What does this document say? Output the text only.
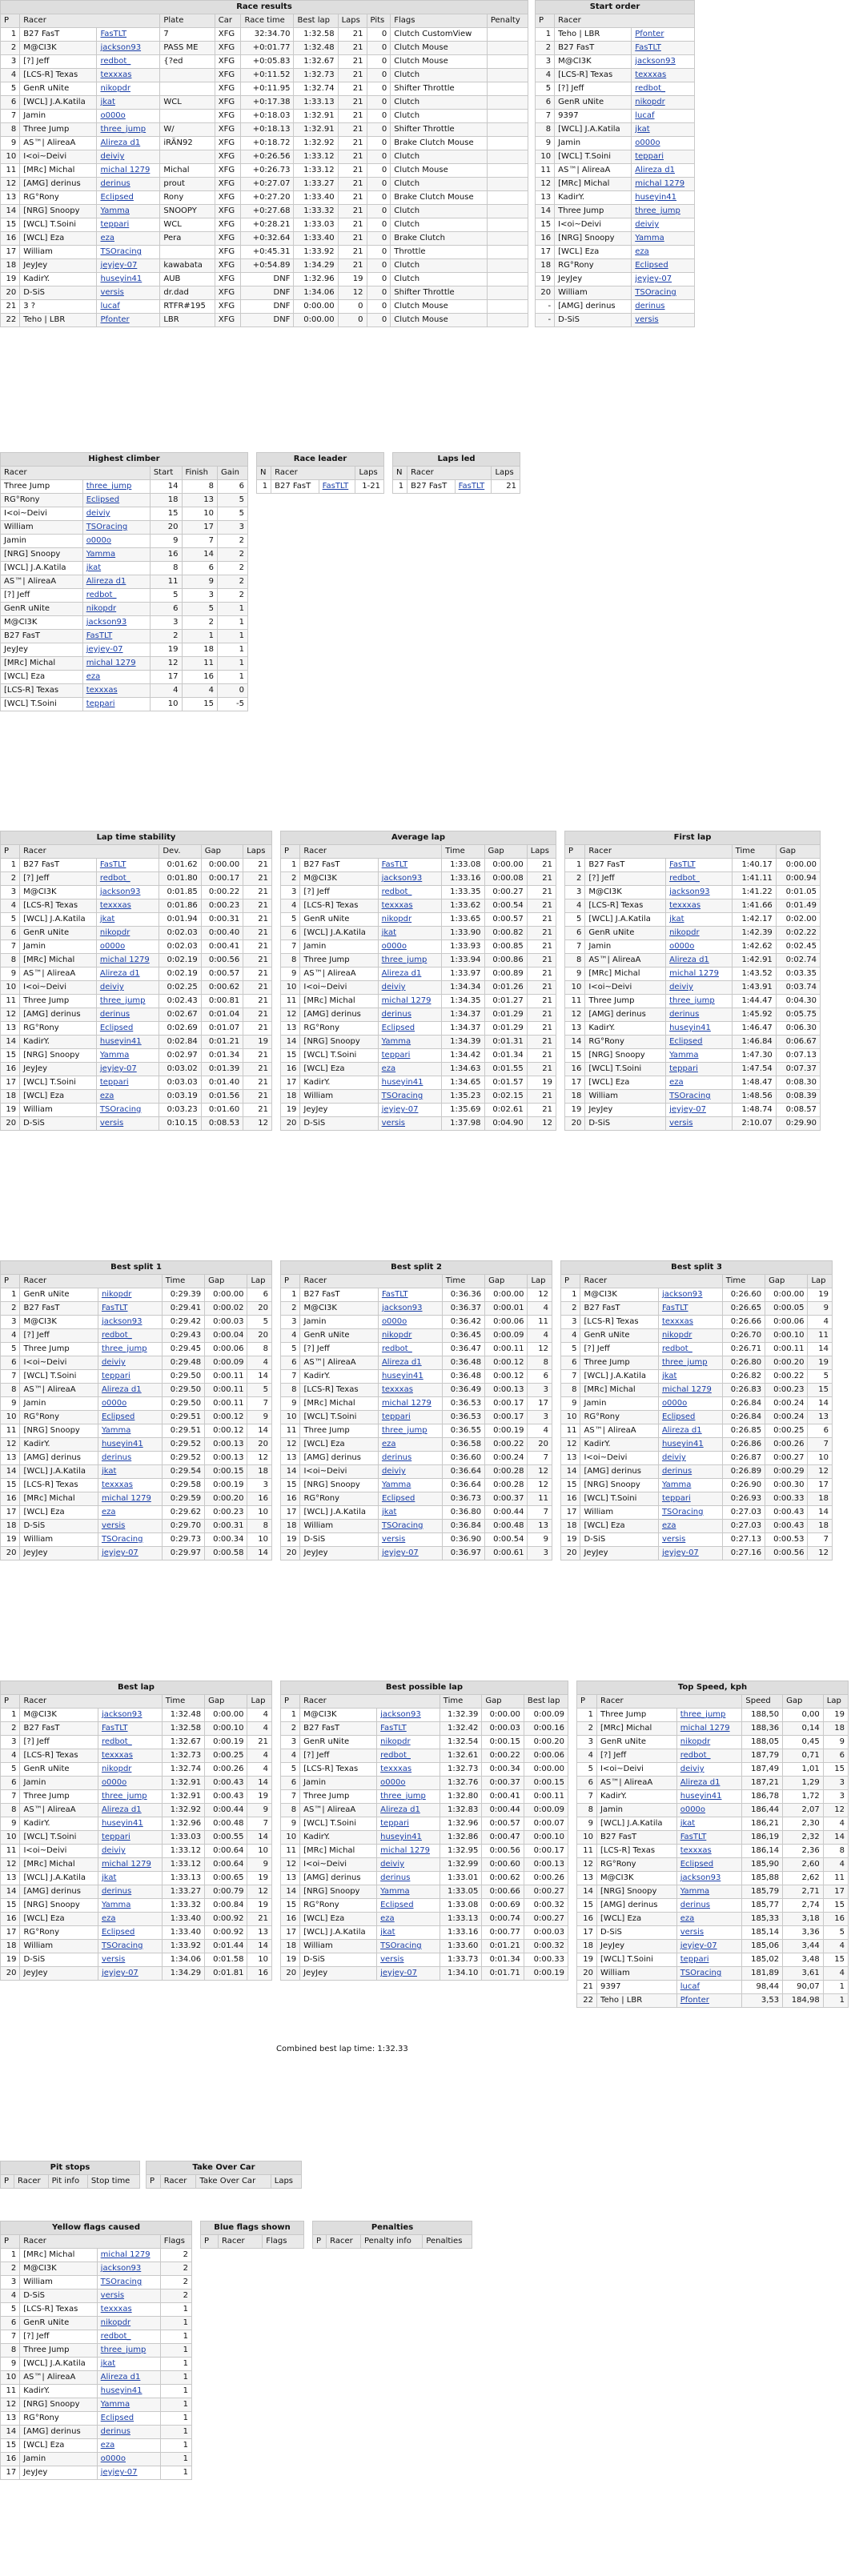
Race results										
P	Racer		Plate	Car	Race time	Best lap	Laps	Pits	Flags	Penalty
1	B27 FasT	FasTLT	7	XFG	32:34.70	1:32.58	21	0	Clutch CustomView	
2	M@CI3K	jackson93	PASS ME	XFG	+0:01.77	1:32.48	21	0	Clutch Mouse	
3	[?] Jeff	redbot_	{?ed	XFG	+0:05.83	1:32.67	21	0	Clutch Mouse	
4	[LCS-R] Texas	texxxas		XFG	+0:11.52	1:32.73	21	0	Clutch	
5	GenR uNite	nikopdr		XFG	+0:11.95	1:32.74	21	0	Shifter Throttle	
6	[WCL] J.A.Katila	jkat	WCL	XFG	+0:17.38	1:33.13	21	0	Clutch	
7	Jamin	o000o		XFG	+0:18.03	1:32.91	21	0	Clutch	
8	Three Jump	three_jump	W/	XFG	+0:18.13	1:32.91	21	0	Shifter Throttle	
9	AS™| AlireaA	Alireza d1	iRÄN92	XFG	+0:18.72	1:32.92	21	0	Brake Clutch Mouse	
10	I<oi~Deivi	deiviy		XFG	+0:26.56	1:33.12	21	0	Clutch	
11	[MRc] Michal	michal 1279	Michal	XFG	+0:26.73	1:33.12	21	0	Clutch Mouse	
12	[AMG] derinus	derinus	prout	XFG	+0:27.07	1:33.27	21	0	Clutch	
13	RG°Rony	Eclipsed	Rony	XFG	+0:27.20	1:33.40	21	0	Brake Clutch Mouse	
14	[NRG] Snoopy	Yamma	SNOOPY	XFG	+0:27.68	1:33.32	21	0	Clutch	
15	[WCL] T.Soini	teppari	WCL	XFG	+0:28.21	1:33.03	21	0	Clutch	
16	[WCL] Eza	eza	Pera	XFG	+0:32.64	1:33.40	21	0	Brake Clutch	
17	William	TSOracing		XFG	+0:45.31	1:33.92	21	0	Throttle	
18	JeyJey	jeyjey-07	kawabata	XFG	+0:54.89	1:34.29	21	0	Clutch	
19	KadirY.	huseyin41	AUB	XFG	DNF	1:32.96	19	0	Clutch	
20	D-SiS	versis	dr.dad	XFG	DNF	1:34.06	12	0	Shifter Throttle	
21	3 ?	lucaf	RTFR#195	XFG	DNF	0:00.00	0	0	Clutch Mouse	
22	Teho | LBR	Pfonter	LBR	XFG	DNF	0:00.00	0	0	Clutch Mouse	
Start order		
P	Racer	
1	Teho | LBR	Pfonter
2	B27 FasT	FasTLT
3	M@CI3K	jackson93
4	[LCS-R] Texas	texxxas
5	[?] Jeff	redbot_
6	GenR uNite	nikopdr
7	9397	lucaf
8	[WCL] J.A.Katila	jkat
9	Jamin	o000o
10	[WCL] T.Soini	teppari
11	AS™| AlireaA	Alireza d1
12	[MRc] Michal	michal 1279
13	KadirY.	huseyin41
14	Three Jump	three_jump
15	I<oi~Deivi	deiviy
16	[NRG] Snoopy	Yamma
17	[WCL] Eza	eza
18	RG°Rony	Eclipsed
19	JeyJey	jeyjey-07
20	William	TSOracing
-	[AMG] derinus	derinus
-	D-SiS	versis
Highest climber				
Racer		Start	Finish	Gain
Three Jump	three_jump	14	8	6
RG°Rony	Eclipsed	18	13	5
I<oi~Deivi	deiviy	15	10	5
William	TSOracing	20	17	3
Jamin	o000o	9	7	2
[NRG] Snoopy	Yamma	16	14	2
[WCL] J.A.Katila	jkat	8	6	2
AS™| AlireaA	Alireza d1	11	9	2
[?] Jeff	redbot_	5	3	2
GenR uNite	nikopdr	6	5	1
M@CI3K	jackson93	3	2	1
B27 FasT	FasTLT	2	1	1
JeyJey	jeyjey-07	19	18	1
[MRc] Michal	michal 1279	12	11	1
[WCL] Eza	eza	17	16	1
[LCS-R] Texas	texxxas	4	4	0
[WCL] T.Soini	teppari	10	15	-5
Race leader			
N	Racer		Laps
1	B27 FasT	FasTLT	1-21
Laps led			
N	Racer		Laps
1	B27 FasT	FasTLT	21
Lap time stability					
P	Racer		Dev.	Gap	Laps
1	B27 FasT	FasTLT	0:01.62	0:00.00	21
2	[?] Jeff	redbot_	0:01.80	0:00.17	21
3	M@CI3K	jackson93	0:01.85	0:00.22	21
4	[LCS-R] Texas	texxxas	0:01.86	0:00.23	21
5	[WCL] J.A.Katila	jkat	0:01.94	0:00.31	21
6	GenR uNite	nikopdr	0:02.03	0:00.40	21
7	Jamin	o000o	0:02.03	0:00.41	21
8	[MRc] Michal	michal 1279	0:02.19	0:00.56	21
9	AS™| AlireaA	Alireza d1	0:02.19	0:00.57	21
10	I<oi~Deivi	deiviy	0:02.25	0:00.62	21
11	Three Jump	three_jump	0:02.43	0:00.81	21
12	[AMG] derinus	derinus	0:02.67	0:01.04	21
13	RG°Rony	Eclipsed	0:02.69	0:01.07	21
14	KadirY.	huseyin41	0:02.84	0:01.21	19
15	[NRG] Snoopy	Yamma	0:02.97	0:01.34	21
16	JeyJey	jeyjey-07	0:03.02	0:01.39	21
17	[WCL] T.Soini	teppari	0:03.03	0:01.40	21
18	[WCL] Eza	eza	0:03.19	0:01.56	21
19	William	TSOracing	0:03.23	0:01.60	21
20	D-SiS	versis	0:10.15	0:08.53	12
Average lap					
P	Racer		Time	Gap	Laps
1	B27 FasT	FasTLT	1:33.08	0:00.00	21
2	M@CI3K	jackson93	1:33.16	0:00.08	21
3	[?] Jeff	redbot_	1:33.35	0:00.27	21
4	[LCS-R] Texas	texxxas	1:33.62	0:00.54	21
5	GenR uNite	nikopdr	1:33.65	0:00.57	21
6	[WCL] J.A.Katila	jkat	1:33.90	0:00.82	21
7	Jamin	o000o	1:33.93	0:00.85	21
8	Three Jump	three_jump	1:33.94	0:00.86	21
9	AS™| AlireaA	Alireza d1	1:33.97	0:00.89	21
10	I<oi~Deivi	deiviy	1:34.34	0:01.26	21
11	[MRc] Michal	michal 1279	1:34.35	0:01.27	21
12	[AMG] derinus	derinus	1:34.37	0:01.29	21
13	RG°Rony	Eclipsed	1:34.37	0:01.29	21
14	[NRG] Snoopy	Yamma	1:34.39	0:01.31	21
15	[WCL] T.Soini	teppari	1:34.42	0:01.34	21
16	[WCL] Eza	eza	1:34.63	0:01.55	21
17	KadirY.	huseyin41	1:34.65	0:01.57	19
18	William	TSOracing	1:35.23	0:02.15	21
19	JeyJey	jeyjey-07	1:35.69	0:02.61	21
20	D-SiS	versis	1:37.98	0:04.90	12
First lap				
P	Racer		Time	Gap
1	B27 FasT	FasTLT	1:40.17	0:00.00
2	[?] Jeff	redbot_	1:41.11	0:00.94
3	M@CI3K	jackson93	1:41.22	0:01.05
4	[LCS-R] Texas	texxxas	1:41.66	0:01.49
5	[WCL] J.A.Katila	jkat	1:42.17	0:02.00
6	GenR uNite	nikopdr	1:42.39	0:02.22
7	Jamin	o000o	1:42.62	0:02.45
8	AS™| AlireaA	Alireza d1	1:42.91	0:02.74
9	[MRc] Michal	michal 1279	1:43.52	0:03.35
10	I<oi~Deivi	deiviy	1:43.91	0:03.74
11	Three Jump	three_jump	1:44.47	0:04.30
12	[AMG] derinus	derinus	1:45.92	0:05.75
13	KadirY.	huseyin41	1:46.47	0:06.30
14	RG°Rony	Eclipsed	1:46.84	0:06.67
15	[NRG] Snoopy	Yamma	1:47.30	0:07.13
16	[WCL] T.Soini	teppari	1:47.54	0:07.37
17	[WCL] Eza	eza	1:48.47	0:08.30
18	William	TSOracing	1:48.56	0:08.39
19	JeyJey	jeyjey-07	1:48.74	0:08.57
20	D-SiS	versis	2:10.07	0:29.90
Best split 1					
P	Racer		Time	Gap	Lap
1	GenR uNite	nikopdr	0:29.39	0:00.00	6
2	B27 FasT	FasTLT	0:29.41	0:00.02	20
3	M@CI3K	jackson93	0:29.42	0:00.03	5
4	[?] Jeff	redbot_	0:29.43	0:00.04	20
5	Three Jump	three_jump	0:29.45	0:00.06	8
6	I<oi~Deivi	deiviy	0:29.48	0:00.09	4
7	[WCL] T.Soini	teppari	0:29.50	0:00.11	14
8	AS™| AlireaA	Alireza d1	0:29.50	0:00.11	5
9	Jamin	o000o	0:29.50	0:00.11	7
10	RG°Rony	Eclipsed	0:29.51	0:00.12	9
11	[NRG] Snoopy	Yamma	0:29.51	0:00.12	14
12	KadirY.	huseyin41	0:29.52	0:00.13	20
13	[AMG] derinus	derinus	0:29.52	0:00.13	12
14	[WCL] J.A.Katila	jkat	0:29.54	0:00.15	18
15	[LCS-R] Texas	texxxas	0:29.58	0:00.19	3
16	[MRc] Michal	michal 1279	0:29.59	0:00.20	16
17	[WCL] Eza	eza	0:29.62	0:00.23	10
18	D-SiS	versis	0:29.70	0:00.31	8
19	William	TSOracing	0:29.73	0:00.34	10
20	JeyJey	jeyjey-07	0:29.97	0:00.58	14
Best split 2					
P	Racer		Time	Gap	Lap
1	B27 FasT	FasTLT	0:36.36	0:00.00	12
2	M@CI3K	jackson93	0:36.37	0:00.01	4
3	Jamin	o000o	0:36.42	0:00.06	11
4	GenR uNite	nikopdr	0:36.45	0:00.09	4
5	[?] Jeff	redbot_	0:36.47	0:00.11	12
6	AS™| AlireaA	Alireza d1	0:36.48	0:00.12	8
7	KadirY.	huseyin41	0:36.48	0:00.12	6
8	[LCS-R] Texas	texxxas	0:36.49	0:00.13	3
9	[MRc] Michal	michal 1279	0:36.53	0:00.17	17
10	[WCL] T.Soini	teppari	0:36.53	0:00.17	3
11	Three Jump	three_jump	0:36.55	0:00.19	4
12	[WCL] Eza	eza	0:36.58	0:00.22	20
13	[AMG] derinus	derinus	0:36.60	0:00.24	7
14	I<oi~Deivi	deiviy	0:36.64	0:00.28	12
15	[NRG] Snoopy	Yamma	0:36.64	0:00.28	12
16	RG°Rony	Eclipsed	0:36.73	0:00.37	11
17	[WCL] J.A.Katila	jkat	0:36.80	0:00.44	7
18	William	TSOracing	0:36.84	0:00.48	13
19	D-SiS	versis	0:36.90	0:00.54	9
20	JeyJey	jeyjey-07	0:36.97	0:00.61	3
Best split 3					
P	Racer		Time	Gap	Lap
1	M@CI3K	jackson93	0:26.60	0:00.00	19
2	B27 FasT	FasTLT	0:26.65	0:00.05	9
3	[LCS-R] Texas	texxxas	0:26.66	0:00.06	4
4	GenR uNite	nikopdr	0:26.70	0:00.10	11
5	[?] Jeff	redbot_	0:26.71	0:00.11	14
6	Three Jump	three_jump	0:26.80	0:00.20	19
7	[WCL] J.A.Katila	jkat	0:26.82	0:00.22	5
8	[MRc] Michal	michal 1279	0:26.83	0:00.23	15
9	Jamin	o000o	0:26.84	0:00.24	14
10	RG°Rony	Eclipsed	0:26.84	0:00.24	13
11	AS™| AlireaA	Alireza d1	0:26.85	0:00.25	6
12	KadirY.	huseyin41	0:26.86	0:00.26	7
13	I<oi~Deivi	deiviy	0:26.87	0:00.27	10
14	[AMG] derinus	derinus	0:26.89	0:00.29	12
15	[NRG] Snoopy	Yamma	0:26.90	0:00.30	17
16	[WCL] T.Soini	teppari	0:26.93	0:00.33	18
17	William	TSOracing	0:27.03	0:00.43	14
18	[WCL] Eza	eza	0:27.03	0:00.43	18
19	D-SiS	versis	0:27.13	0:00.53	7
20	JeyJey	jeyjey-07	0:27.16	0:00.56	12
Best lap					
P	Racer		Time	Gap	Lap
1	M@CI3K	jackson93	1:32.48	0:00.00	4
2	B27 FasT	FasTLT	1:32.58	0:00.10	4
3	[?] Jeff	redbot_	1:32.67	0:00.19	21
4	[LCS-R] Texas	texxxas	1:32.73	0:00.25	4
5	GenR uNite	nikopdr	1:32.74	0:00.26	4
6	Jamin	o000o	1:32.91	0:00.43	14
7	Three Jump	three_jump	1:32.91	0:00.43	19
8	AS™| AlireaA	Alireza d1	1:32.92	0:00.44	9
9	KadirY.	huseyin41	1:32.96	0:00.48	7
10	[WCL] T.Soini	teppari	1:33.03	0:00.55	14
11	I<oi~Deivi	deiviy	1:33.12	0:00.64	10
12	[MRc] Michal	michal 1279	1:33.12	0:00.64	9
13	[WCL] J.A.Katila	jkat	1:33.13	0:00.65	19
14	[AMG] derinus	derinus	1:33.27	0:00.79	12
15	[NRG] Snoopy	Yamma	1:33.32	0:00.84	19
16	[WCL] Eza	eza	1:33.40	0:00.92	21
17	RG°Rony	Eclipsed	1:33.40	0:00.92	13
18	William	TSOracing	1:33.92	0:01.44	14
19	D-SiS	versis	1:34.06	0:01.58	10
20	JeyJey	jeyjey-07	1:34.29	0:01.81	16
Best possible lap					
P	Racer		Time	Gap	Best lap
1	M@CI3K	jackson93	1:32.39	0:00.00	0:00.09
2	B27 FasT	FasTLT	1:32.42	0:00.03	0:00.16
3	GenR uNite	nikopdr	1:32.54	0:00.15	0:00.20
4	[?] Jeff	redbot_	1:32.61	0:00.22	0:00.06
5	[LCS-R] Texas	texxxas	1:32.73	0:00.34	0:00.00
6	Jamin	o000o	1:32.76	0:00.37	0:00.15
7	Three Jump	three_jump	1:32.80	0:00.41	0:00.11
8	AS™| AlireaA	Alireza d1	1:32.83	0:00.44	0:00.09
9	[WCL] T.Soini	teppari	1:32.96	0:00.57	0:00.07
10	KadirY.	huseyin41	1:32.86	0:00.47	0:00.10
11	[MRc] Michal	michal 1279	1:32.95	0:00.56	0:00.17
12	I<oi~Deivi	deiviy	1:32.99	0:00.60	0:00.13
13	[AMG] derinus	derinus	1:33.01	0:00.62	0:00.26
14	[NRG] Snoopy	Yamma	1:33.05	0:00.66	0:00.27
15	RG°Rony	Eclipsed	1:33.08	0:00.69	0:00.32
16	[WCL] Eza	eza	1:33.13	0:00.74	0:00.27
17	[WCL] J.A.Katila	jkat	1:33.16	0:00.77	0:00.03
18	William	TSOracing	1:33.60	0:01.21	0:00.32
19	D-SiS	versis	1:33.73	0:01.34	0:00.33
20	JeyJey	jeyjey-07	1:34.10	0:01.71	0:00.19
Top Speed, kph					
P	Racer		Speed	Gap	Lap
1	Three Jump	three_jump	188,50	0,00	19
2	[MRc] Michal	michal 1279	188,36	0,14	18
3	GenR uNite	nikopdr	188,05	0,45	9
4	[?] Jeff	redbot_	187,79	0,71	6
5	I<oi~Deivi	deiviy	187,49	1,01	15
6	AS™| AlireaA	Alireza d1	187,21	1,29	3
7	KadirY.	huseyin41	186,78	1,72	3
8	Jamin	o000o	186,44	2,07	12
9	[WCL] J.A.Katila	jkat	186,21	2,30	4
10	B27 FasT	FasTLT	186,19	2,32	14
11	[LCS-R] Texas	texxxas	186,14	2,36	8
12	RG°Rony	Eclipsed	185,90	2,60	4
13	M@CI3K	jackson93	185,88	2,62	11
14	[NRG] Snoopy	Yamma	185,79	2,71	17
15	[AMG] derinus	derinus	185,77	2,74	15
16	[WCL] Eza	eza	185,33	3,18	16
17	D-SiS	versis	185,14	3,36	5
18	JeyJey	jeyjey-07	185,06	3,44	4
19	[WCL] T.Soini	teppari	185,02	3,48	15
20	William	TSOracing	181,89	3,61	4
21	9397	lucaf	98,44	90,07	1
22	Teho | LBR	Pfonter	3,53	184,98	1
Pit stops
P	Racer	Pit info	Stop time
Take Over Car
P	Racer	Take Over Car	Laps
Yellow flags caused			
P	Racer		Flags
1	[MRc] Michal	michal 1279	2
2	M@CI3K	jackson93	2
3	William	TSOracing	2
4	D-SiS	versis	2
5	[LCS-R] Texas	texxxas	1
6	GenR uNite	nikopdr	1
7	[?] Jeff	redbot_	1
8	Three Jump	three_jump	1
9	[WCL] J.A.Katila	jkat	1
10	AS™| AlireaA	Alireza d1	1
11	KadirY.	huseyin41	1
12	[NRG] Snoopy	Yamma	1
13	RG°Rony	Eclipsed	1
14	[AMG] derinus	derinus	1
15	[WCL] Eza	eza	1
16	Jamin	o000o	1
17	JeyJey	jeyjey-07	1
Blue flags shown
P	Racer	Flags
Penalties
P	Racer	Penalty info	Penalties
Combined best lap time: 1:32.33
